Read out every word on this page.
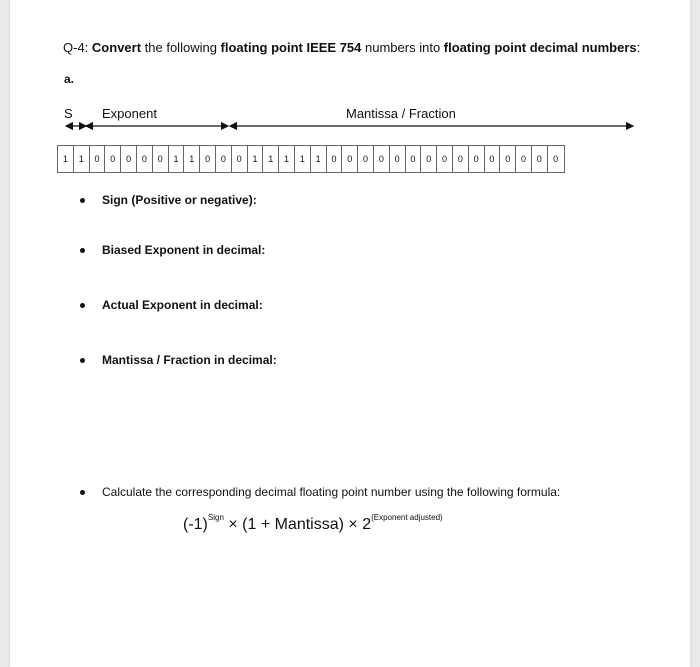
Q-4: Convert the following floating point IEEE 754 numbers into floating point decimal numbers:
a.
S Exponent	Mantissa / Fraction
1	1	0	0	0	0	0	1	1	0	0	0	1	1	1	1	1	0	0	0	0	0	0	0	0	0	0	0	0	0	0	0
Sign (Positive or negative):
Biased Exponent in decimal:
Actual Exponent in decimal:
Mantissa / Fraction in decimal:
Calculate the corresponding decimal floating point number using the following formula:
$(-1)^{Sign} \times (1$ + Mantissa) × $2^{(Exponent adjusted)}$
